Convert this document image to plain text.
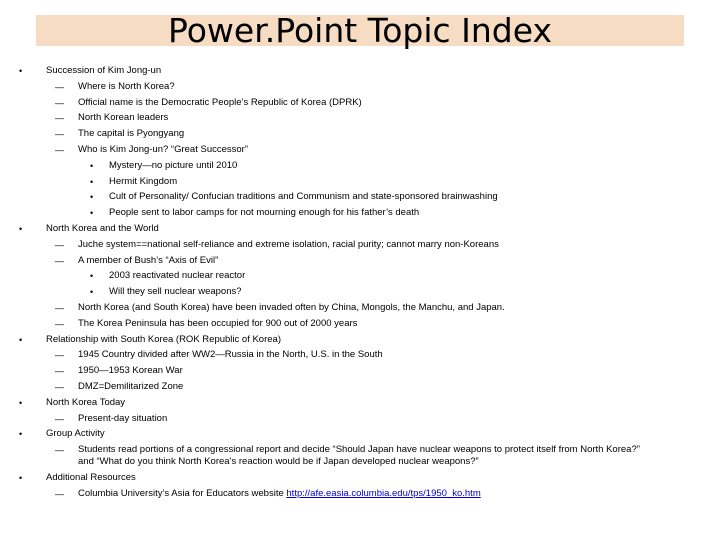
Power.Point Topic Index
•	Succession of Kim Jong-un
— Where is North Korea?
— Official name is the Democratic People’s Republic of Korea (DPRK)
— North Korean leaders
— The capital is Pyongyang
— Who is Kim Jong-un? “Great Successor”
• Mystery—no picture until 2010
• Hermit Kingdom
• Cult of Personality/ Confucian traditions and Communism and state-sponsored brainwashing
• People sent to labor camps for not mourning enough for his father’s death
•	North Korea and the World
— Juche system==national self-reliance and extreme isolation, racial purity; cannot marry non-Koreans
— A member of Bush’s “Axis of Evil”
• 2003 reactivated nuclear reactor
• Will they sell nuclear weapons?
— North Korea (and South Korea) have been invaded often by China, Mongols, the Manchu, and Japan.
— The Korea Peninsula has been occupied for 900 out of 2000 years
•	Relationship with South Korea (ROK Republic of Korea)
— 1945 Country divided after WW2—Russia in the North, U.S. in the South
— 1950—1953 Korean War
— DMZ=Demilitarized Zone
•	North Korea Today
— Present-day situation
•	Group Activity
— Students read portions of a congressional report and decide “Should Japan have nuclear weapons to protect itself from North Korea?”
and “What do you think North Korea’s reaction would be if Japan developed nuclear weapons?”
•	Additional Resources
— Columbia University’s Asia for Educators website http://afe.easia.columbia.edu/tps/1950_ko.htm
